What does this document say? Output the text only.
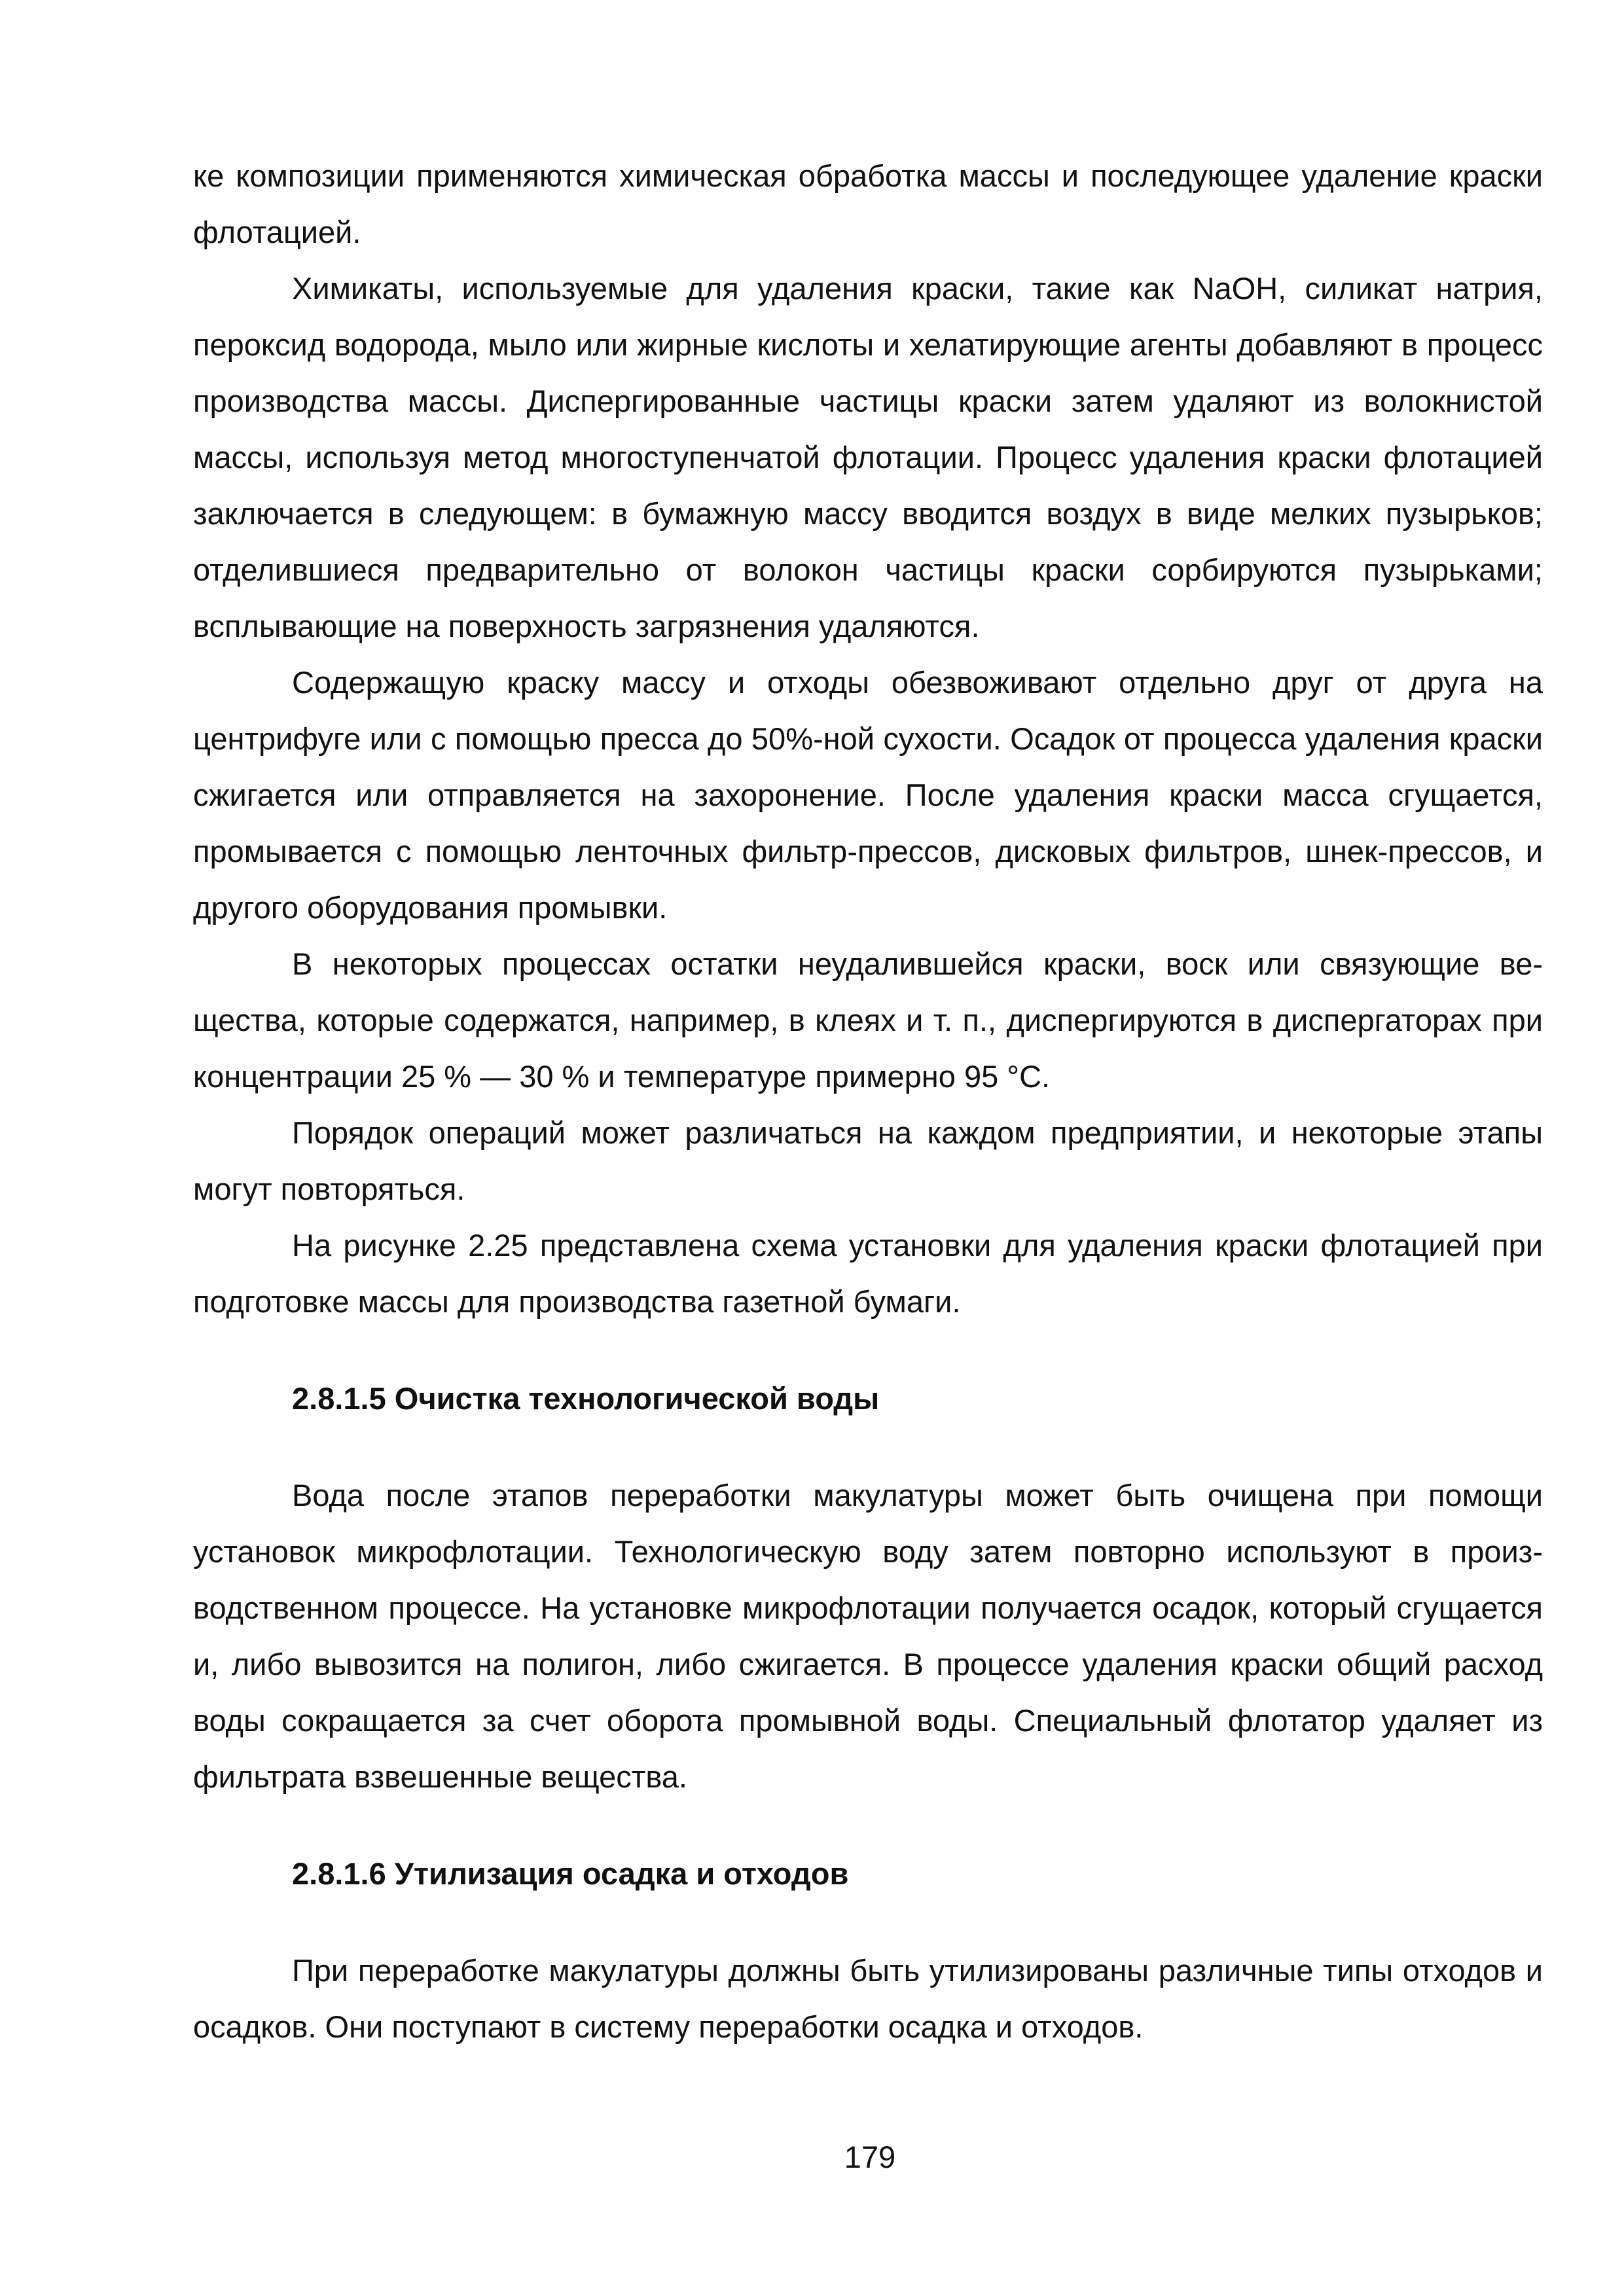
ке композиции применяются химическая обработка массы и последующее удаление краски флотацией.

Химикаты, используемые для удаления краски, такие как NaOH, силикат натрия, пероксид водорода, мыло или жирные кислоты и хелатирующие агенты добавляют в процесс производства массы. Диспергированные частицы краски затем удаляют из волокнистой массы, используя метод многоступенчатой флотации. Процесс удаления краски флотацией заключается в следующем: в бумажную массу вводится воздух в виде мелких пузырьков; отделившиеся предварительно от волокон частицы краски сорбируются пузырьками; всплывающие на поверхность загрязнения удаляются.

Содержащую краску массу и отходы обезвоживают отдельно друг от друга на центрифуге или с помощью пресса до 50%-ной сухости. Осадок от процесса удаления краски сжигается или отправляется на захоронение. После удаления краски масса сгущается, промывается с помощью ленточных фильтр-прессов, дисковых фильтров, шнек-прессов, и другого оборудования промывки.

В некоторых процессах остатки неудалившейся краски, воск или связующие вещества, которые содержатся, например, в клеях и т. п., диспергируются в диспергаторах при концентрации 25 % — 30 % и температуре примерно 95 °С.

Порядок операций может различаться на каждом предприятии, и некоторые этапы могут повторяться.

На рисунке 2.25 представлена схема установки для удаления краски флотацией при подготовке массы для производства газетной бумаги.

2.8.1.5 Очистка технологической воды

Вода после этапов переработки макулатуры может быть очищена при помощи установок микрофлотации. Технологическую воду затем повторно используют в производственном процессе. На установке микрофлотации получается осадок, который сгущается и, либо вывозится на полигон, либо сжигается. В процессе удаления краски общий расход воды сокращается за счет оборота промывной воды. Специальный флотатор удаляет из фильтрата взвешенные вещества.

2.8.1.6 Утилизация осадка и отходов

При переработке макулатуры должны быть утилизированы различные типы отходов и осадков. Они поступают в систему переработки осадка и отходов.

179
